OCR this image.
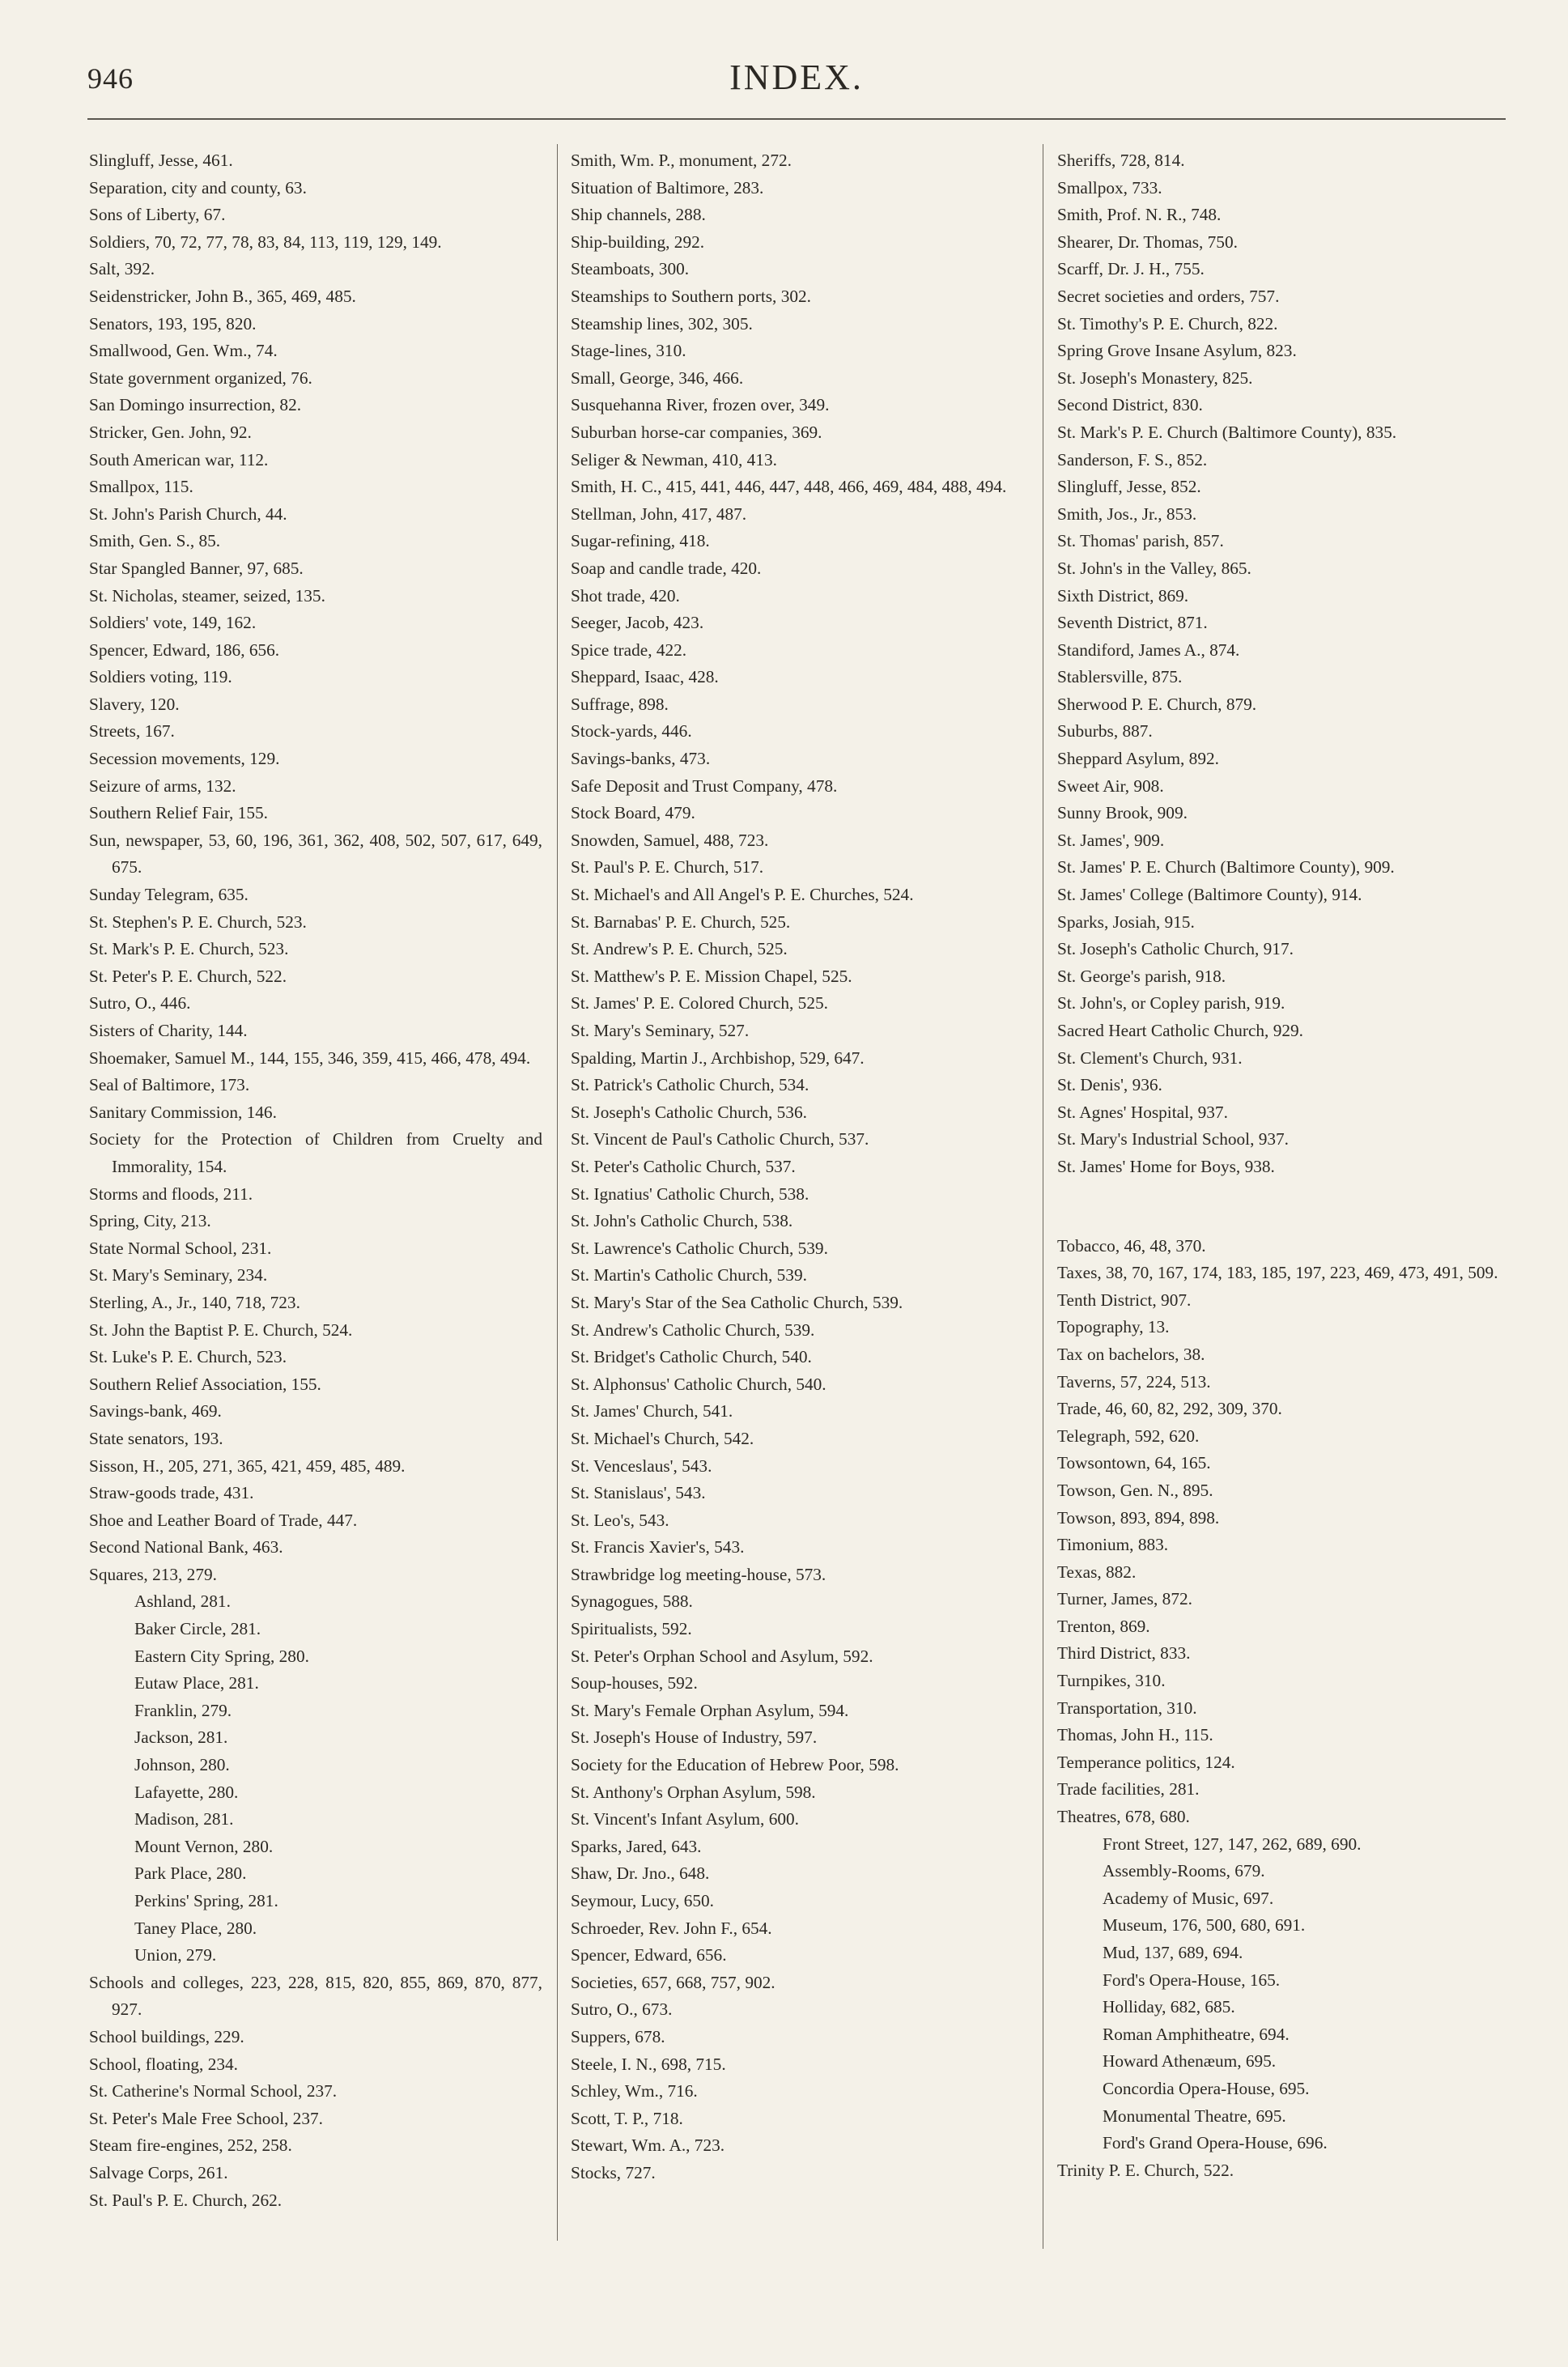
946	INDEX.
Slingluff, Jesse, 461.
Separation, city and county, 63.
Sons of Liberty, 67.
Soldiers, 70, 72, 77, 78, 83, 84, 113, 119, 129, 149.
Salt, 392.
Seidenstricker, John B., 365, 469, 485.
Senators, 193, 195, 820.
Smallwood, Gen. Wm., 74.
State government organized, 76.
San Domingo insurrection, 82.
Stricker, Gen. John, 92.
South American war, 112.
Smallpox, 115.
St. John's Parish Church, 44.
Smith, Gen. S., 85.
Star Spangled Banner, 97, 685.
St. Nicholas, steamer, seized, 135.
Soldiers' vote, 149, 162.
Spencer, Edward, 186, 656.
Soldiers voting, 119.
Slavery, 120.
Streets, 167.
Secession movements, 129.
Seizure of arms, 132.
Southern Relief Fair, 155.
Sun, newspaper, 53, 60, 196, 361, 362, 408, 502, 507, 617, 649, 675.
Sunday Telegram, 635.
St. Stephen's P. E. Church, 523.
St. Mark's P. E. Church, 523.
St. Peter's P. E. Church, 522.
Sutro, O., 446.
Sisters of Charity, 144.
Shoemaker, Samuel M., 144, 155, 346, 359, 415, 466, 478, 494.
Seal of Baltimore, 173.
Sanitary Commission, 146.
Society for the Protection of Children from Cruelty and Immorality, 154.
Storms and floods, 211.
Spring, City, 213.
State Normal School, 231.
St. Mary's Seminary, 234.
Sterling, A., Jr., 140, 718, 723.
St. John the Baptist P. E. Church, 524.
St. Luke's P. E. Church, 523.
Southern Relief Association, 155.
Savings-bank, 469.
State senators, 193.
Sisson, H., 205, 271, 365, 421, 459, 485, 489.
Straw-goods trade, 431.
Shoe and Leather Board of Trade, 447.
Second National Bank, 463.
Squares, 213, 279.
Ashland, 281.
Baker Circle, 281.
Eastern City Spring, 280.
Eutaw Place, 281.
Franklin, 279.
Jackson, 281.
Johnson, 280.
Lafayette, 280.
Madison, 281.
Mount Vernon, 280.
Park Place, 280.
Perkins' Spring, 281.
Taney Place, 280.
Union, 279.
Schools and colleges, 223, 228, 815, 820, 855, 869, 870, 877, 927.
School buildings, 229.
School, floating, 234.
St. Catherine's Normal School, 237.
St. Peter's Male Free School, 237.
Steam fire-engines, 252, 258.
Salvage Corps, 261.
St. Paul's P. E. Church, 262.
Smith, Wm. P., monument, 272.
Situation of Baltimore, 283.
Ship channels, 288.
Ship-building, 292.
Steamboats, 300.
Steamships to Southern ports, 302.
Steamship lines, 302, 305.
Stage-lines, 310.
Small, George, 346, 466.
Susquehanna River, frozen over, 349.
Suburban horse-car companies, 369.
Seliger & Newman, 410, 413.
Smith, H. C., 415, 441, 446, 447, 448, 466, 469, 484, 488, 494.
Stellman, John, 417, 487.
Sugar-refining, 418.
Soap and candle trade, 420.
Shot trade, 420.
Seeger, Jacob, 423.
Spice trade, 422.
Sheppard, Isaac, 428.
Suffrage, 898.
Stock-yards, 446.
Savings-banks, 473.
Safe Deposit and Trust Company, 478.
Stock Board, 479.
Snowden, Samuel, 488, 723.
St. Paul's P. E. Church, 517.
St. Michael's and All Angel's P. E. Churches, 524.
St. Barnabas' P. E. Church, 525.
St. Andrew's P. E. Church, 525.
St. Matthew's P. E. Mission Chapel, 525.
St. James' P. E. Colored Church, 525.
St. Mary's Seminary, 527.
Spalding, Martin J., Archbishop, 529, 647.
St. Patrick's Catholic Church, 534.
St. Joseph's Catholic Church, 536.
St. Vincent de Paul's Catholic Church, 537.
St. Peter's Catholic Church, 537.
St. Ignatius' Catholic Church, 538.
St. John's Catholic Church, 538.
St. Lawrence's Catholic Church, 539.
St. Martin's Catholic Church, 539.
St. Mary's Star of the Sea Catholic Church, 539.
St. Andrew's Catholic Church, 539.
St. Bridget's Catholic Church, 540.
St. Alphonsus' Catholic Church, 540.
St. James' Church, 541.
St. Michael's Church, 542.
St. Venceslaus', 543.
St. Stanislaus', 543.
St. Leo's, 543.
St. Francis Xavier's, 543.
Strawbridge log meeting-house, 573.
Synagogues, 588.
Spiritualists, 592.
St. Peter's Orphan School and Asylum, 592.
Soup-houses, 592.
St. Mary's Female Orphan Asylum, 594.
St. Joseph's House of Industry, 597.
Society for the Education of Hebrew Poor, 598.
St. Anthony's Orphan Asylum, 598.
St. Vincent's Infant Asylum, 600.
Sparks, Jared, 643.
Shaw, Dr. Jno., 648.
Seymour, Lucy, 650.
Schroeder, Rev. John F., 654.
Spencer, Edward, 656.
Societies, 657, 668, 757, 902.
Sutro, O., 673.
Suppers, 678.
Steele, I. N., 698, 715.
Schley, Wm., 716.
Scott, T. P., 718.
Stewart, Wm. A., 723.
Stocks, 727.
Sheriffs, 728, 814.
Smallpox, 733.
Smith, Prof. N. R., 748.
Shearer, Dr. Thomas, 750.
Scarff, Dr. J. H., 755.
Secret societies and orders, 757.
St. Timothy's P. E. Church, 822.
Spring Grove Insane Asylum, 823.
St. Joseph's Monastery, 825.
Second District, 830.
St. Mark's P. E. Church (Baltimore County), 835.
Sanderson, F. S., 852.
Slingluff, Jesse, 852.
Smith, Jos., Jr., 853.
St. Thomas' parish, 857.
St. John's in the Valley, 865.
Sixth District, 869.
Seventh District, 871.
Standiford, James A., 874.
Stablersville, 875.
Sherwood P. E. Church, 879.
Suburbs, 887.
Sheppard Asylum, 892.
Sweet Air, 908.
Sunny Brook, 909.
St. James', 909.
St. James' P. E. Church (Baltimore County), 909.
St. James' College (Baltimore County), 914.
Sparks, Josiah, 915.
St. Joseph's Catholic Church, 917.
St. George's parish, 918.
St. John's, or Copley parish, 919.
Sacred Heart Catholic Church, 929.
St. Clement's Church, 931.
St. Denis', 936.
St. Agnes' Hospital, 937.
St. Mary's Industrial School, 937.
St. James' Home for Boys, 938.
Tobacco, 46, 48, 370.
Taxes, 38, 70, 167, 174, 183, 185, 197, 223, 469, 473, 491, 509.
Tenth District, 907.
Topography, 13.
Tax on bachelors, 38.
Taverns, 57, 224, 513.
Trade, 46, 60, 82, 292, 309, 370.
Telegraph, 592, 620.
Towsontown, 64, 165.
Towson, Gen. N., 895.
Towson, 893, 894, 898.
Timonium, 883.
Texas, 882.
Turner, James, 872.
Trenton, 869.
Third District, 833.
Turnpikes, 310.
Transportation, 310.
Thomas, John H., 115.
Temperance politics, 124.
Trade facilities, 281.
Theatres, 678, 680.
Front Street, 127, 147, 262, 689, 690.
Assembly-Rooms, 679.
Academy of Music, 697.
Museum, 176, 500, 680, 691.
Mud, 137, 689, 694.
Ford's Opera-House, 165.
Holliday, 682, 685.
Roman Amphitheatre, 694.
Howard Athenæum, 695.
Concordia Opera-House, 695.
Monumental Theatre, 695.
Ford's Grand Opera-House, 696.
Trinity P. E. Church, 522.
